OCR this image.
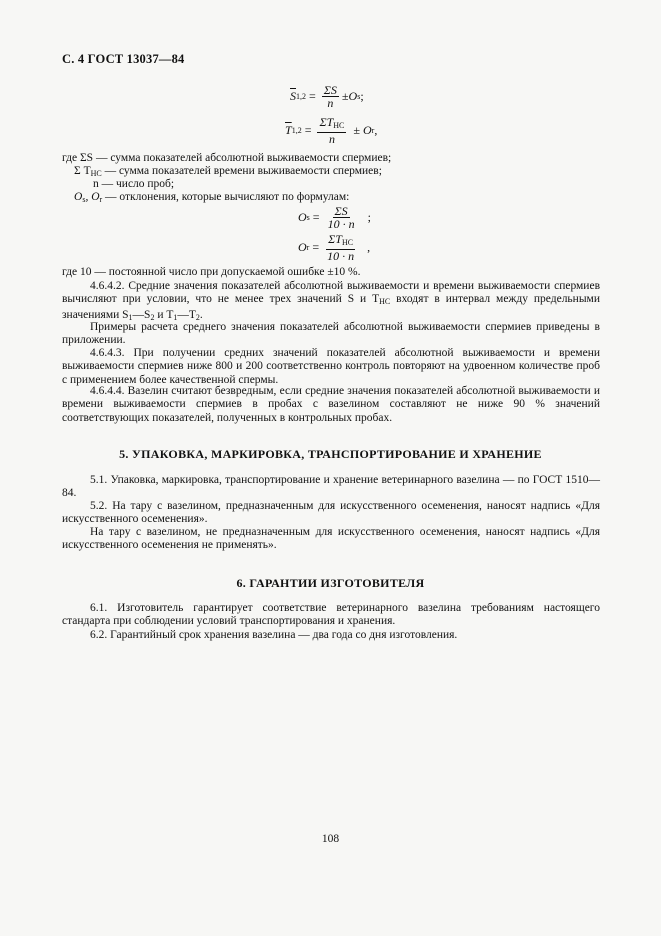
С. 4 ГОСТ 13037—84
$\overline{S}$ $1,2 = \frac{\Sigma S}{n} \pm O$ s ;
$\overline{T}$ $1,2 = \frac{\Sigma T_{НС}}{n} \pm O$ r ,
где ΣS — сумма показателей абсолютной выживаемости спермиев;
Σ $T_{НС}$ — сумма показателей времени выживаемости спермиев;
n — число проб;
$O_s$, $O_r$ — отклонения, которые вычисляют по формулам:
O $s = \frac{\Sigma S}{10 \cdot n}$ ;
O $r = \frac{\Sigma T_{НС}}{10 \cdot n}$ ,
где 10 — постоянной число при допускаемой ошибке ±10 %.
4.6.4.2. Средние значения показателей абсолютной выживаемости и времени выживаемости спермиев вычисляют при условии, что не менее трех значений S и $T_{НС}$ входят в интервал между предельными значениями $S_1—S_2$ и $T_1—T_2$.
Примеры расчета среднего значения показателей абсолютной выживаемости спермиев приведены в приложении.
4.6.4.3. При получении средних значений показателей абсолютной выживаемости и времени выживаемости спермиев ниже 800 и 200 соответственно контроль повторяют на удвоенном количестве проб с применением более качественной спермы.
4.6.4.4. Вазелин считают безвредным, если средние значения показателей абсолютной выживаемости и времени выживаемости спермиев в пробах с вазелином составляют не ниже 90 % значений соответствующих показателей, полученных в контрольных пробах.
5. УПАКОВКА, МАРКИРОВКА, ТРАНСПОРТИРОВАНИЕ И ХРАНЕНИЕ
5.1. Упаковка, маркировка, транспортирование и хранение ветеринарного вазелина — по ГОСТ 1510—84.
5.2. На тару с вазелином, предназначенным для искусственного осеменения, наносят надпись «Для искусственного осеменения».
На тару с вазелином, не предназначенным для искусственного осеменения, наносят надпись «Для искусственного осеменения не применять».
6. ГАРАНТИИ ИЗГОТОВИТЕЛЯ
6.1. Изготовитель гарантирует соответствие ветеринарного вазелина требованиям настоящего стандарта при соблюдении условий транспортирования и хранения.
6.2. Гарантийный срок хранения вазелина — два года со дня изготовления.
108
